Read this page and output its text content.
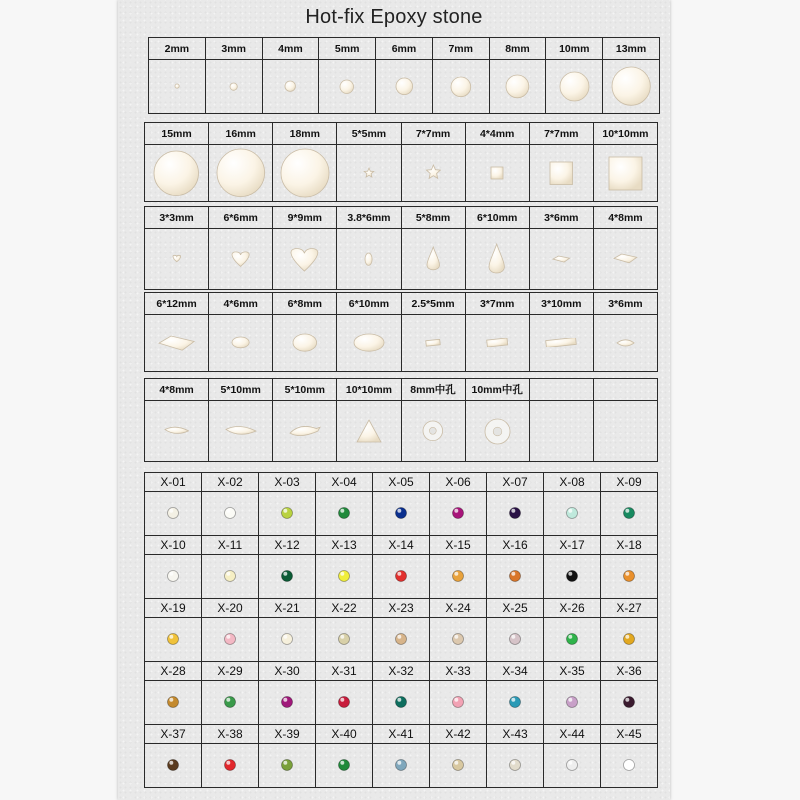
Hot-fix Epoxy stone
2mm	3mm	4mm	5mm	6mm	7mm	8mm	10mm	13mm

15mm	16mm	18mm	5*5mm	7*7mm	4*4mm	7*7mm	10*10mm

3*3mm	6*6mm	9*9mm	3.8*6mm	5*8mm	6*10mm	3*6mm	4*8mm

6*12mm	4*6mm	6*8mm	6*10mm	2.5*5mm	3*7mm	3*10mm	3*6mm

4*8mm	5*10mm	5*10mm	10*10mm	8mm中孔	10mm中孔		

X-01	X-02	X-03	X-04	X-05	X-06	X-07	X-08	X-09

X-10	X-11	X-12	X-13	X-14	X-15	X-16	X-17	X-18

X-19	X-20	X-21	X-22	X-23	X-24	X-25	X-26	X-27

X-28	X-29	X-30	X-31	X-32	X-33	X-34	X-35	X-36

X-37	X-38	X-39	X-40	X-41	X-42	X-43	X-44	X-45
